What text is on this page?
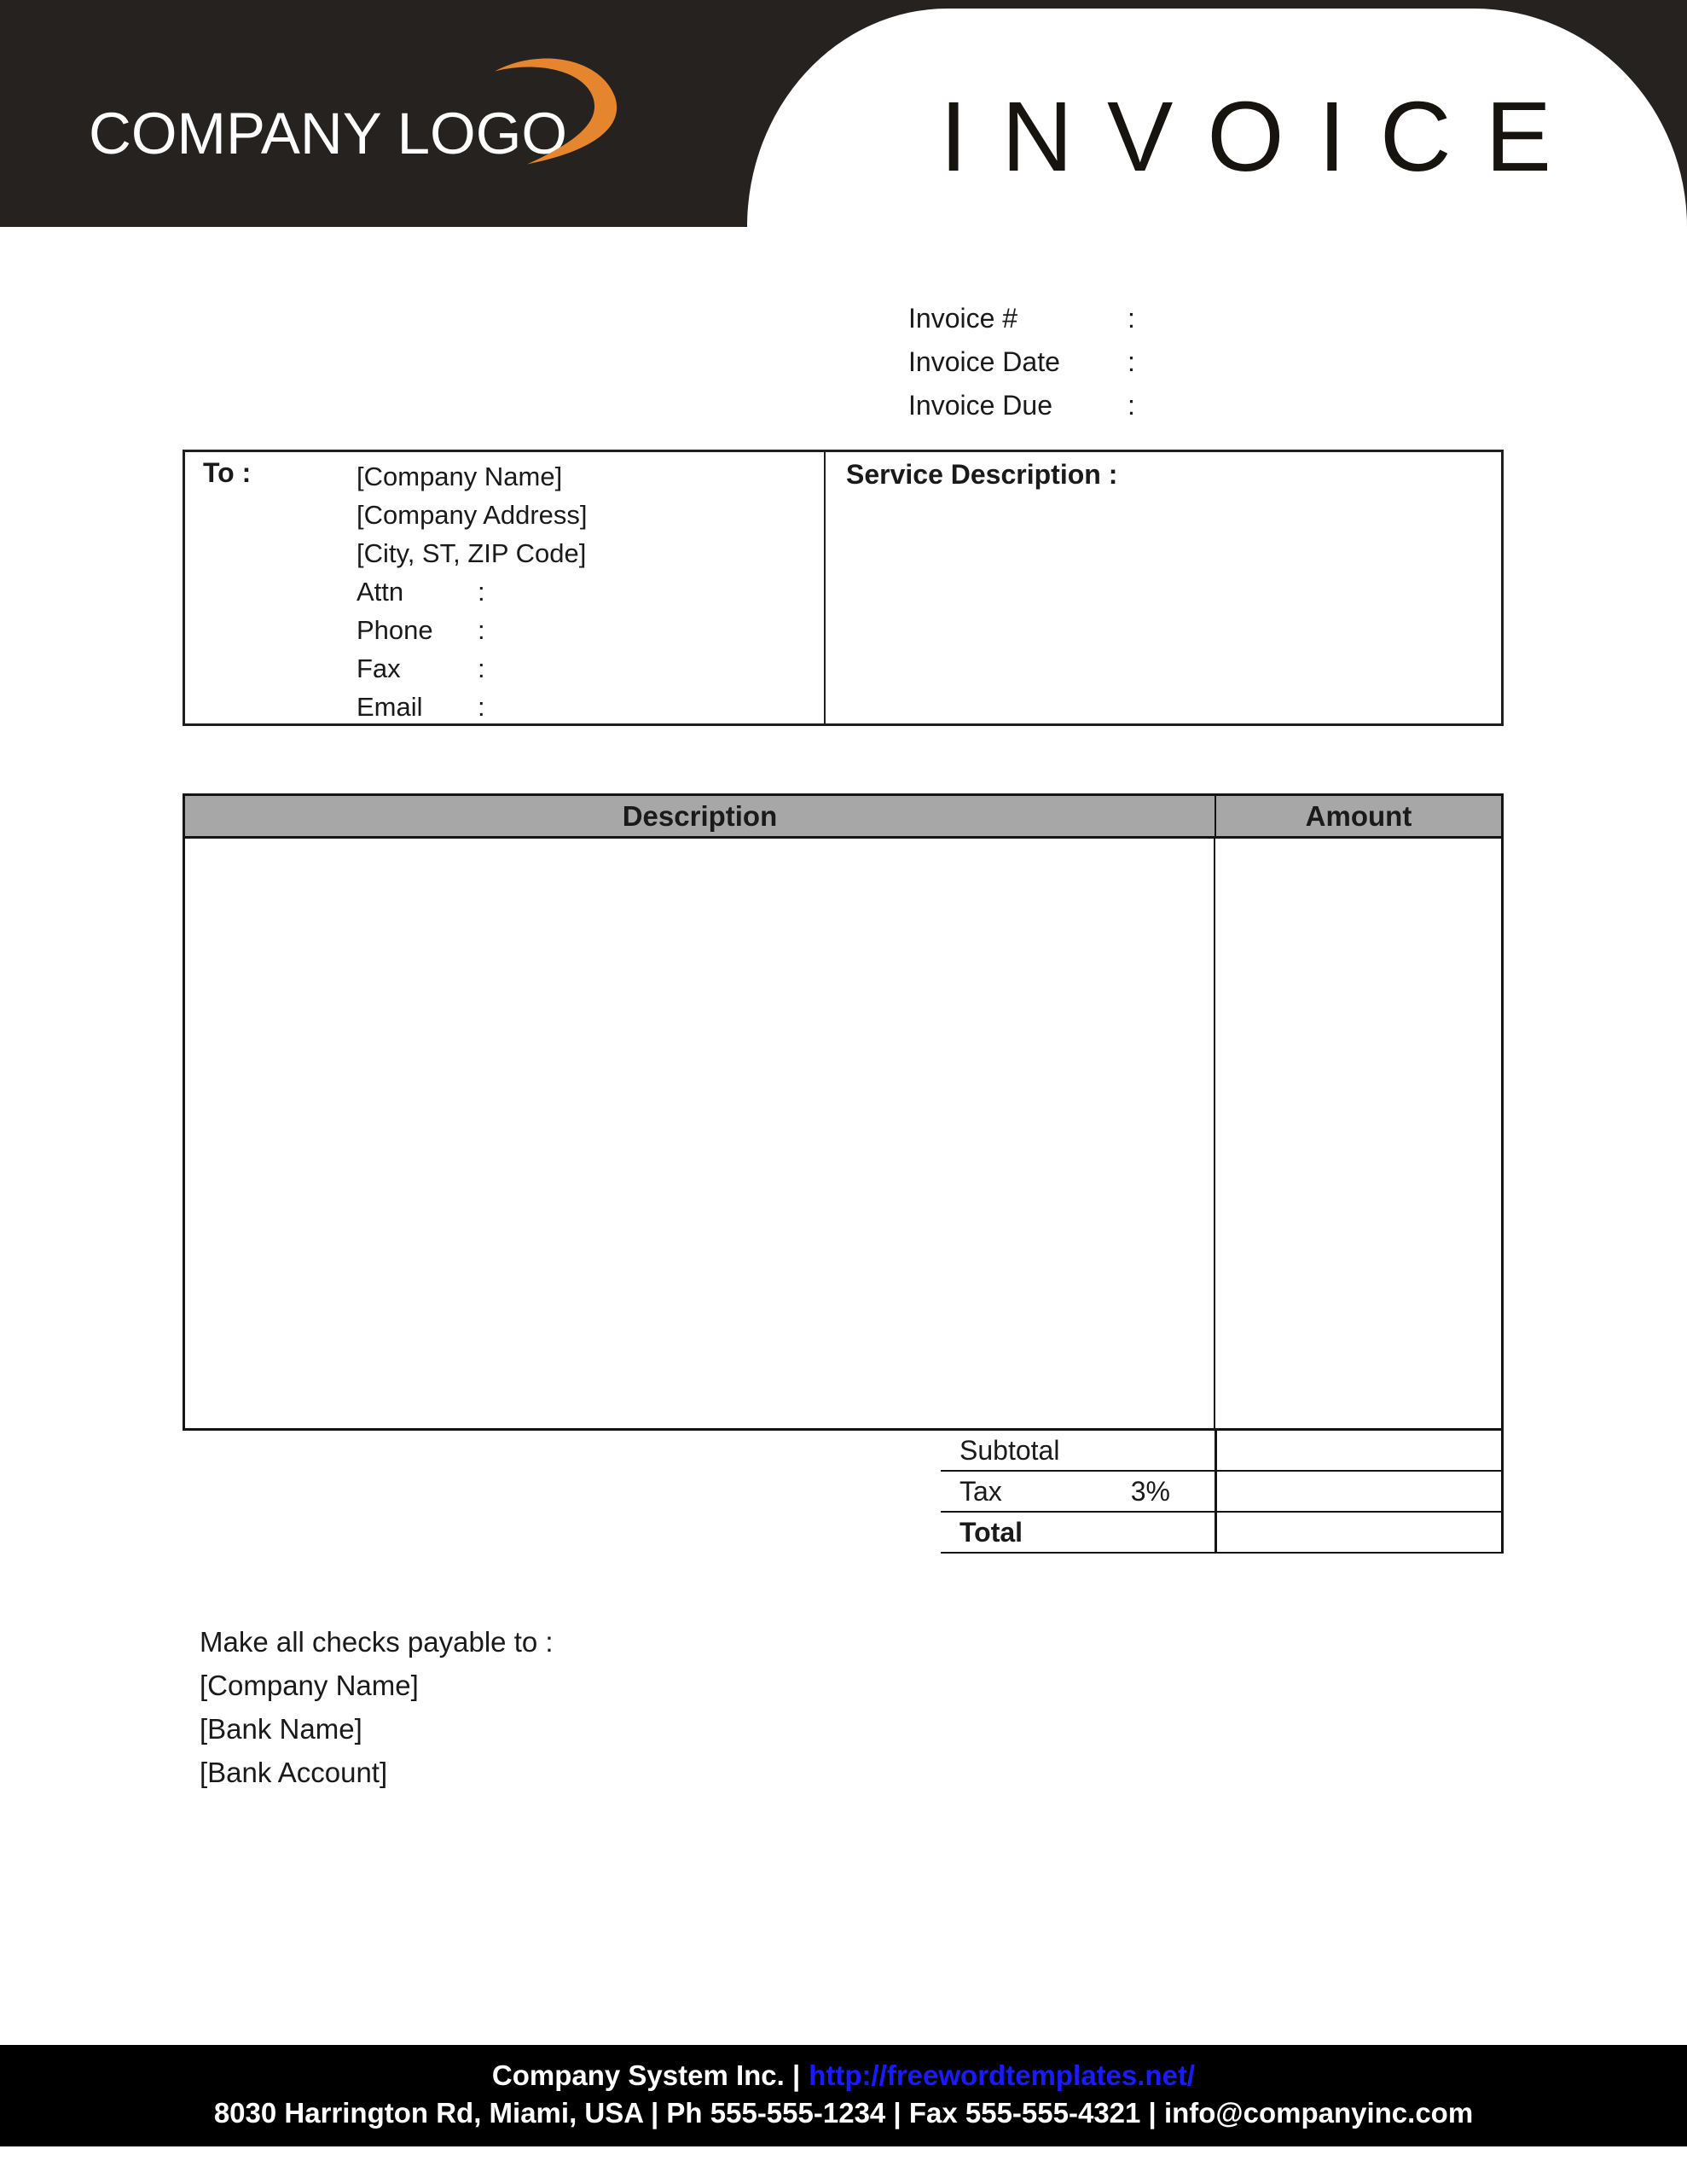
COMPANY LOGO	INVOICE
Invoice #	:
Invoice Date :
Invoice Due	:
To :	[Company Name]
[Company Address]
[City, ST, ZIP Code]
Attn	:
Phone :
Fax	:
Email :
Service Description :
Description	Amount
Subtotal
Tax	3%
Total
Make all checks payable to :
[Company Name]
[Bank Name]
[Bank Account]
Company System Inc. | http://freewordtemplates.net/
8030 Harrington Rd, Miami, USA | Ph 555-555-1234 | Fax 555-555-4321 | info@companyinc.com
